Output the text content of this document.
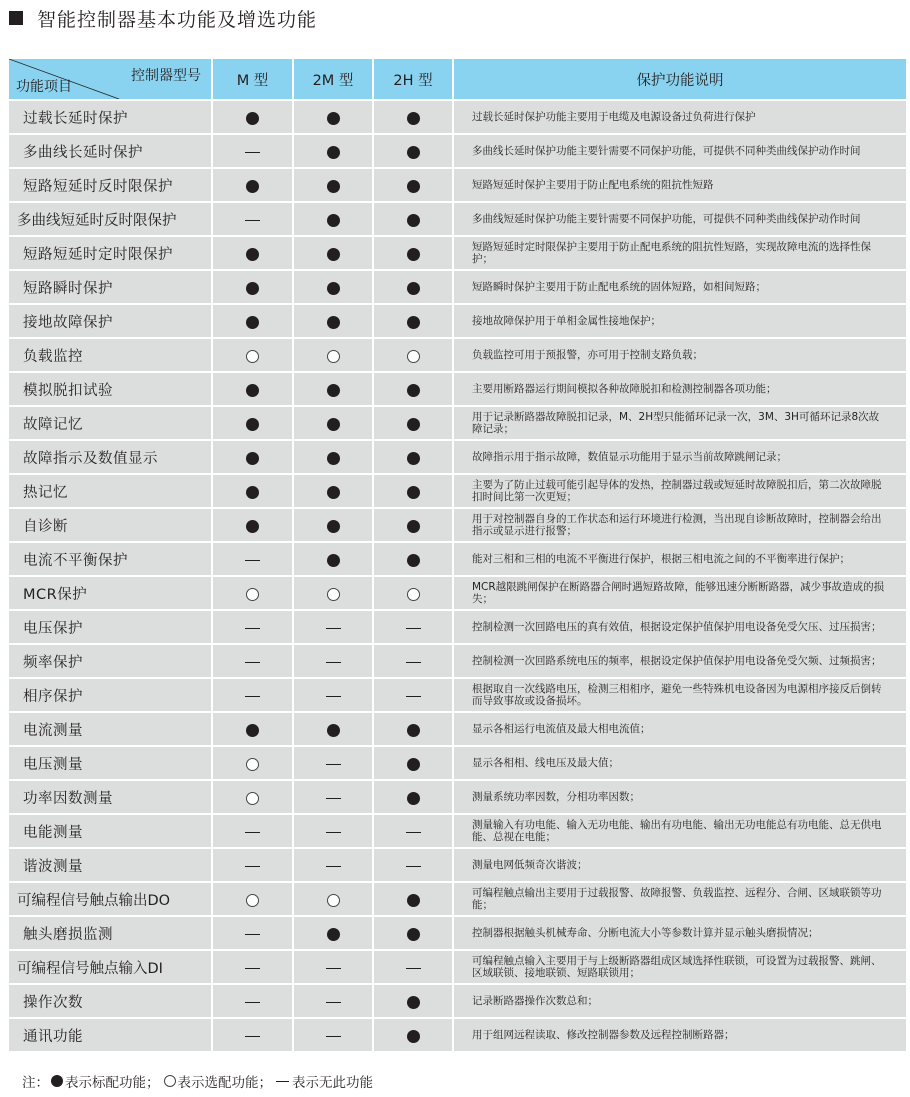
智能控制器基本功能及增选功能
控制器型号
功能项目	M 型	2M 型	2H 型	保护功能说明
过载长延时保护				过载长延时保护功能主要用于电缆及电源设备过负荷进行保护
多曲线长延时保护				多曲线长延时保护功能主要针需要不同保护功能，可提供不同种类曲线保护动作时间
短路短延时反时限保护				短路短延时保护主要用于防止配电系统的阻抗性短路
多曲线短延时反时限保护				多曲线短延时保护功能主要针需要不同保护功能，可提供不同种类曲线保护动作时间
短路短延时定时限保护				短路短延时定时限保护主要用于防止配电系统的阻抗性短路，实现故障电流的选择性保护；
短路瞬时保护				短路瞬时保护主要用于防止配电系统的固体短路，如相间短路；
接地故障保护				接地故障保护用于单相金属性接地保护；
负载监控				负载监控可用于预报警，亦可用于控制支路负载；
模拟脱扣试验				主要用断路器运行期间模拟各种故障脱扣和检测控制器各项功能；
故障记忆				用于记录断路器故障脱扣记录，M、2H型只能循环记录一次，3M、3H可循环记录8次故障记录；
故障指示及数值显示				故障指示用于指示故障，数值显示功能用于显示当前故障跳闸记录；
热记忆				主要为了防止过载可能引起导体的发热，控制器过载或短延时故障脱扣后，第二次故障脱扣时间比第一次更短；
自诊断				用于对控制器自身的工作状态和运行环境进行检测，当出现自诊断故障时，控制器会给出指示或显示进行报警；
电流不平衡保护				能对三相和三相的电流不平衡进行保护，根据三相电流之间的不平衡率进行保护；
MCR保护				MCR越限跳闸保护在断路器合闸时遇短路故障，能够迅速分断断路器，减少事故造成的损失；
电压保护				控制检测一次回路电压的真有效值，根据设定保护值保护用电设备免受欠压、过压损害；
频率保护				控制检测一次回路系统电压的频率，根据设定保护值保护用电设备免受欠频、过频损害；
相序保护				根据取自一次线路电压，检测三相相序，避免一些特殊机电设备因为电源相序接反后倒转而导致事故或设备损坏。
电流测量				显示各相运行电流值及最大相电流值；
电压测量				显示各相相、线电压及最大值；
功率因数测量				测量系统功率因数，分相功率因数；
电能测量				测量输入有功电能、输入无功电能、输出有功电能、输出无功电能总有功电能、总无供电能、总视在电能；
谐波测量				测量电网低频奇次谐波；
可编程信号触点输出DO				可编程触点输出主要用于过载报警、故障报警、负载监控、远程分、合闸、区域联锁等功能；
触头磨损监测				控制器根据触头机械寿命、分断电流大小等参数计算并显示触头磨损情况；
可编程信号触点输入DI				可编程触点输入主要用于与上级断路器组成区域选择性联锁，可设置为过载报警、跳闸、区域联锁、接地联锁、短路联锁用；
操作次数				记录断路器操作次数总和；
通讯功能				用于组网远程读取、修改控制器参数及远程控制断路器；
注： 表示标配功能； 表示选配功能； 表示无此功能
